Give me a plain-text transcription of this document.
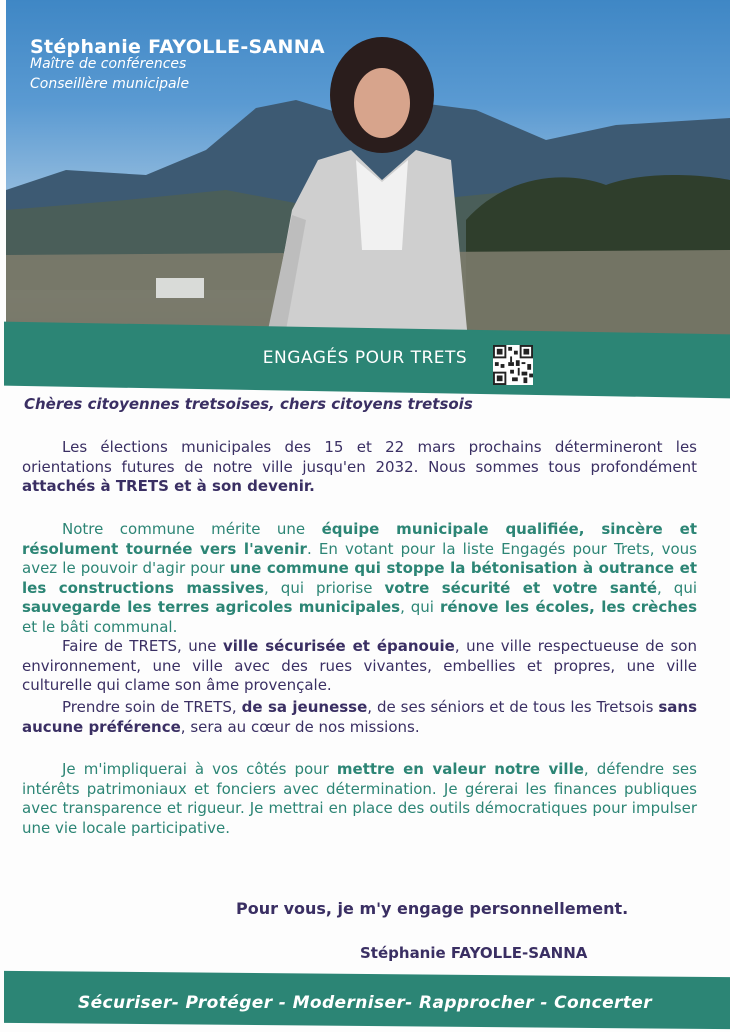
Stéphanie FAYOLLE-SANNA
Maître de conférences
Conseillère municipale
ENGAGÉS POUR TRETS
Chères citoyennes tretsoises, chers citoyens tretsois

Les élections municipales des 15 et 22 mars prochains détermineront les orientations futures de notre ville jusqu'en 2032. Nous sommes tous profondément attachés à TRETS et à son devenir.

Notre commune mérite une équipe municipale qualifiée, sincère et résolument tournée vers l'avenir. En votant pour la liste Engagés pour Trets, vous avez le pouvoir d'agir pour une commune qui stoppe la bétonisation à outrance et les constructions massives, qui priorise votre sécurité et votre santé, qui sauvegarde les terres agricoles municipales, qui rénove les écoles, les crèches et le bâti communal.

Faire de TRETS, une ville sécurisée et épanouie, une ville respectueuse de son environnement, une ville avec des rues vivantes, embellies et propres, une ville culturelle qui clame son âme provençale.

Prendre soin de TRETS, de sa jeunesse, de ses séniors et de tous les Tretsois sans aucune préférence, sera au cœur de nos missions.

Je m'impliquerai à vos côtés pour mettre en valeur notre ville, défendre ses intérêts patrimoniaux et fonciers avec détermination. Je gérerai les finances publiques avec transparence et rigueur. Je mettrai en place des outils démocratiques pour impulser une vie locale participative.

Pour vous, je m'y engage personnellement.
Stéphanie FAYOLLE-SANNA
Sécuriser- Protéger - Moderniser- Rapprocher - Concerter
